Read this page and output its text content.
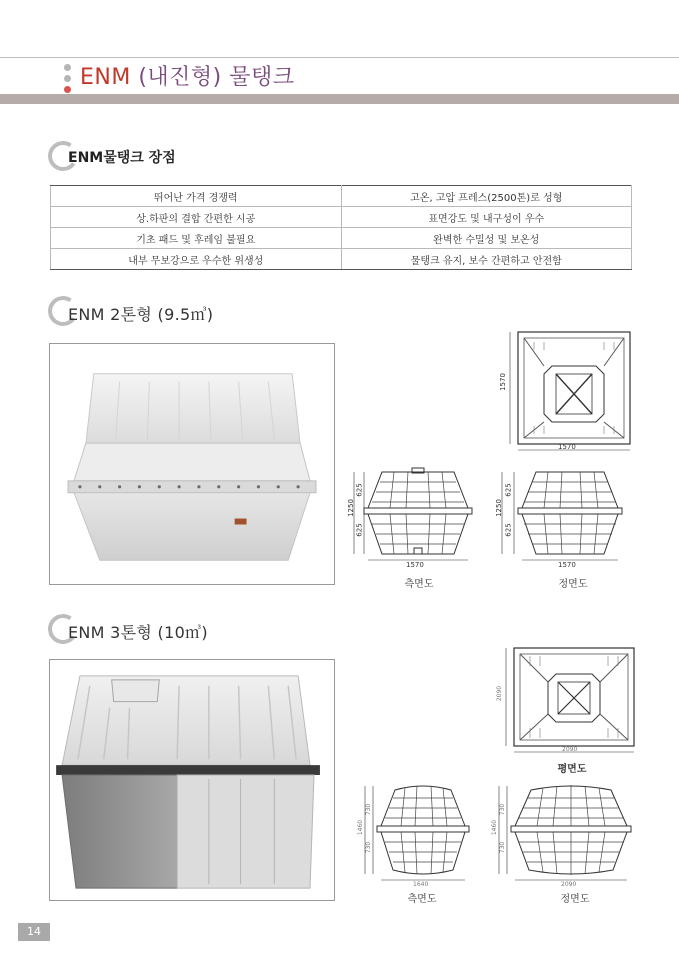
ENM (내진형) 물탱크
ENM물탱크 장점
뛰어난 가격 경쟁력	고온, 고압 프레스(2500톤)로 성형
상.하판의 결합 간편한 시공	표면강도 및 내구성이 우수
기초 패드 및 후레임 불필요	완벽한 수밀성 및 보온성
내부 무보강으로 우수한 위생성	물탱크 유지, 보수 간편하고 안전함
ENM 2톤형 (9.5㎥)
1570
1570
1250
625
625
1570
측면도
1250
625
625
1570
정면도
ENM 3톤형 (10㎥)
2090
2090
평면도
1460
730
730
1640
측면도
1460
730
730
2090
정면도
14
